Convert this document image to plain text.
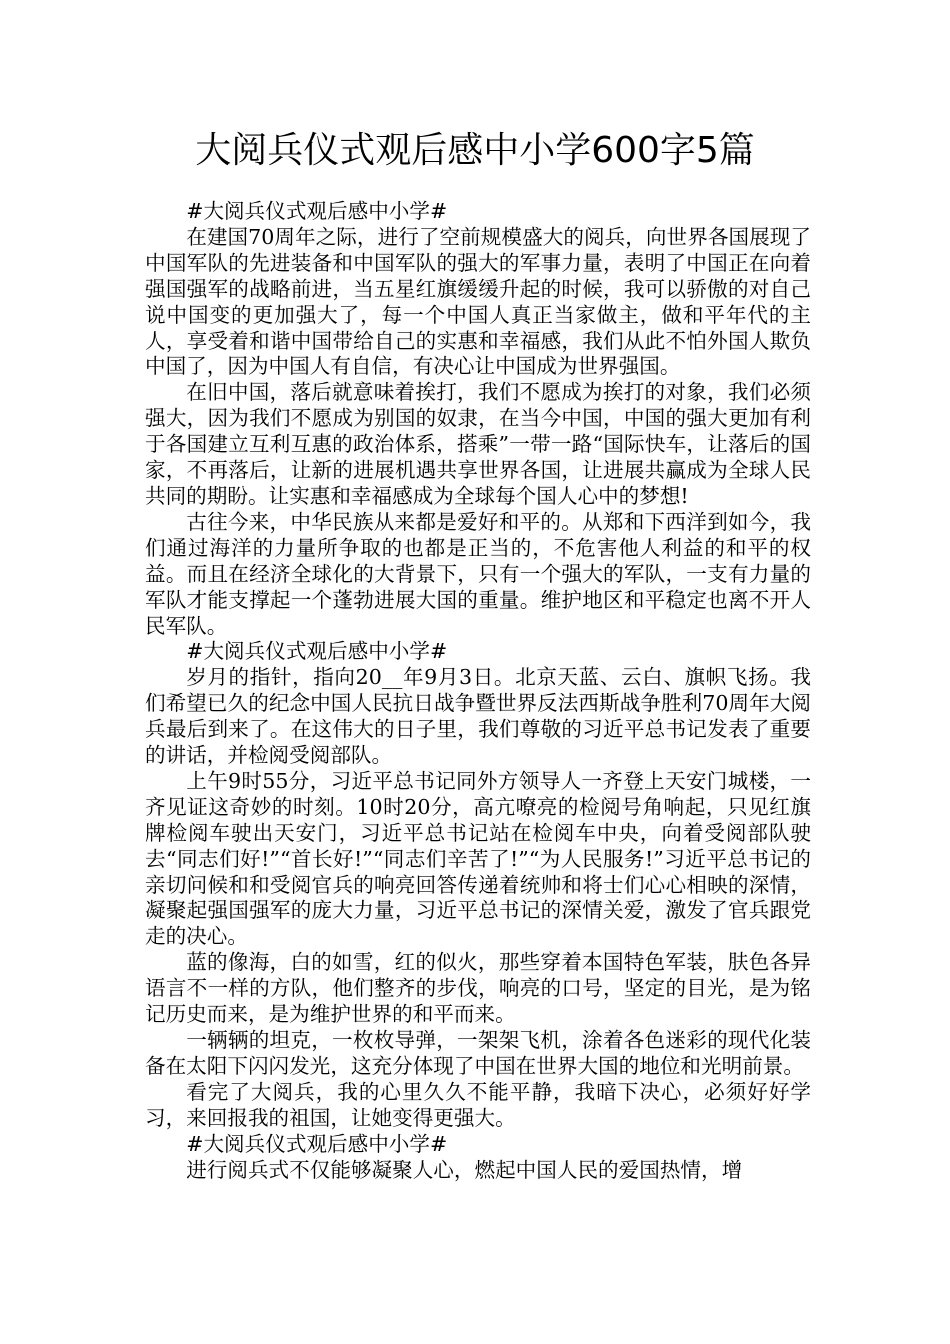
大阅兵仪式观后感中小学600字5篇

#大阅兵仪式观后感中小学#

在建国70周年之际，进行了空前规模盛大的阅兵，向世界各国展现了中国军队的先进装备和中国军队的强大的军事力量，表明了中国正在向着强国强军的战略前进，当五星红旗缓缓升起的时候，我可以骄傲的对自己说中国变的更加强大了，每一个中国人真正当家做主，做和平年代的主人，享受着和谐中国带给自己的实惠和幸福感，我们从此不怕外国人欺负中国了，因为中国人有自信，有决心让中国成为世界强国。

在旧中国，落后就意味着挨打，我们不愿成为挨打的对象，我们必须强大，因为我们不愿成为别国的奴隶，在当今中国，中国的强大更加有利于各国建立互利互惠的政治体系，搭乘”一带一路“国际快车，让落后的国家，不再落后，让新的进展机遇共享世界各国，让进展共赢成为全球人民共同的期盼。让实惠和幸福感成为全球每个国人心中的梦想!

古往今来，中华民族从来都是爱好和平的。从郑和下西洋到如今，我们通过海洋的力量所争取的也都是正当的，不危害他人利益的和平的权益。而且在经济全球化的大背景下，只有一个强大的军队，一支有力量的军队才能支撑起一个蓬勃进展大国的重量。维护地区和平稳定也离不开人民军队。

#大阅兵仪式观后感中小学#

岁月的指针，指向20__年9月3日。北京天蓝、云白、旗帜飞扬。我们希望已久的纪念中国人民抗日战争暨世界反法西斯战争胜利70周年大阅兵最后到来了。在这伟大的日子里，我们尊敬的习近平总书记发表了重要的讲话，并检阅受阅部队。

上午9时55分，习近平总书记同外方领导人一齐登上天安门城楼，一齐见证这奇妙的时刻。10时20分，高亢嘹亮的检阅号角响起，只见红旗牌检阅车驶出天安门，习近平总书记站在检阅车中央，向着受阅部队驶去“同志们好!”“首长好!”“同志们辛苦了!”“为人民服务!”习近平总书记的亲切问候和和受阅官兵的响亮回答传递着统帅和将士们心心相映的深情，凝聚起强国强军的庞大力量，习近平总书记的深情关爱，激发了官兵跟党走的决心。

蓝的像海，白的如雪，红的似火，那些穿着本国特色军装，肤色各异语言不一样的方队，他们整齐的步伐，响亮的口号，坚定的目光，是为铭记历史而来，是为维护世界的和平而来。

一辆辆的坦克，一枚枚导弹，一架架飞机，涂着各色迷彩的现代化装备在太阳下闪闪发光，这充分体现了中国在世界大国的地位和光明前景。

看完了大阅兵，我的心里久久不能平静，我暗下决心，必须好好学习，来回报我的祖国，让她变得更强大。

#大阅兵仪式观后感中小学#

进行阅兵式不仅能够凝聚人心，燃起中国人民的爱国热情，增
